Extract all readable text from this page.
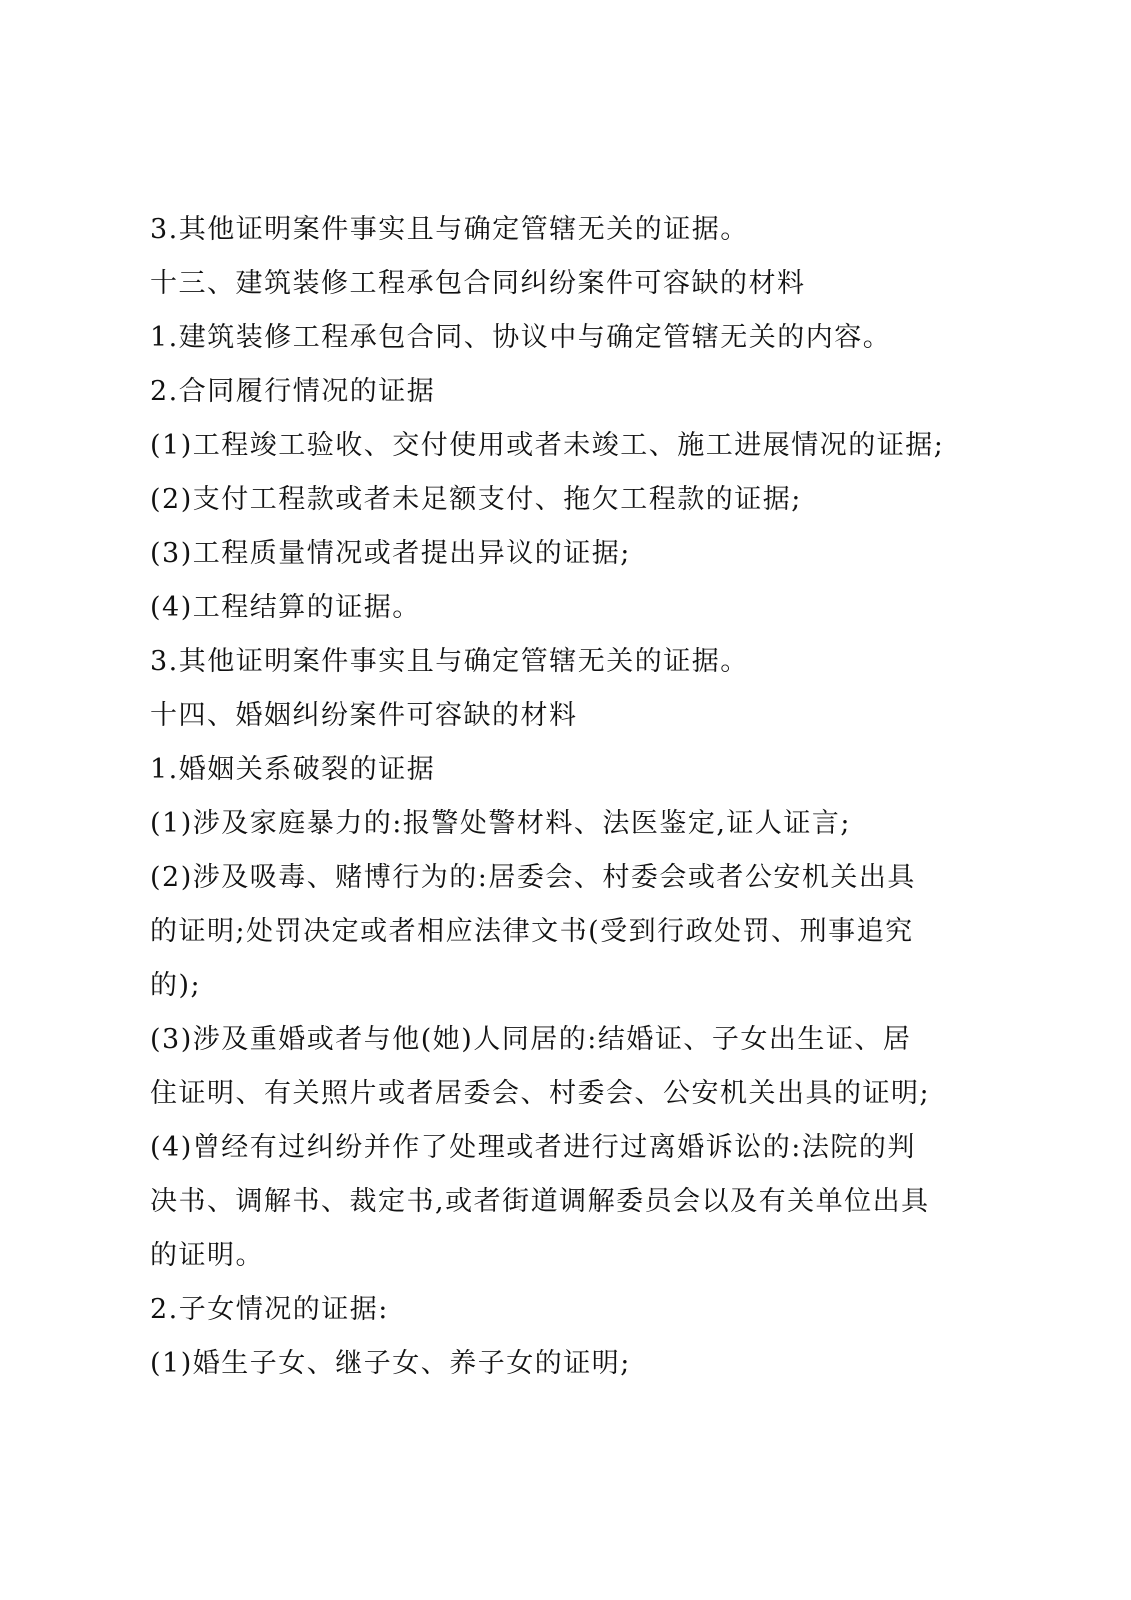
3.其他证明案件事实且与确定管辖无关的证据。
十三、建筑装修工程承包合同纠纷案件可容缺的材料
1.建筑装修工程承包合同、协议中与确定管辖无关的内容。
2.合同履行情况的证据
(1)工程竣工验收、交付使用或者未竣工、施工进展情况的证据;
(2)支付工程款或者未足额支付、拖欠工程款的证据;
(3)工程质量情况或者提出异议的证据;
(4)工程结算的证据。
3.其他证明案件事实且与确定管辖无关的证据。
十四、婚姻纠纷案件可容缺的材料
1.婚姻关系破裂的证据
(1)涉及家庭暴力的:报警处警材料、法医鉴定,证人证言;
(2)涉及吸毒、赌博行为的:居委会、村委会或者公安机关出具
的证明;处罚决定或者相应法律文书(受到行政处罚、刑事追究
的);
(3)涉及重婚或者与他(她)人同居的:结婚证、子女出生证、居
住证明、有关照片或者居委会、村委会、公安机关出具的证明;
(4)曾经有过纠纷并作了处理或者进行过离婚诉讼的:法院的判
决书、调解书、裁定书,或者街道调解委员会以及有关单位出具
的证明。
2.子女情况的证据:
(1)婚生子女、继子女、养子女的证明;
